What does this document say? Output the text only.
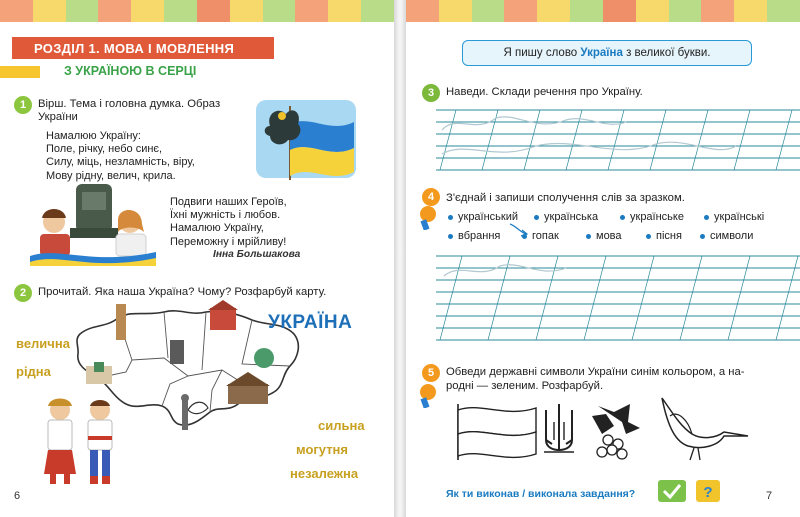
РОЗДІЛ 1. МОВА І МОВЛЕННЯ
З УКРАЇНОЮ В СЕРЦІ
1	Вірш. Тема і головна думка. Образ
України
Намалюю Україну:
Поле, річку, небо синє,
Силу, міць, незламність, віру,
Мову рідну, велич, крила.
Подвиги наших Героїв,
Їхні мужність і любов.
Намалюю Україну,
Переможну і мрійливу!
Інна Большакова
2	Прочитай. Яка наша Україна? Чому? Розфарбуй карту.
УКРАЇНА
велична
рідна
сильна
могутня
незалежна
6
Я пишу слово Україна з великої букви.
3	Наведи. Склади речення про Україну.
4	З'єднай і запиши сполучення слів за зразком.
український	українська	українське	українські
вбрання	гопак	мова	пісня	символи
5	Обведи державні символи України синім кольором, а на-
родні — зеленим. Розфарбуй.
Як ти виконав / виконала завдання?	?	7
